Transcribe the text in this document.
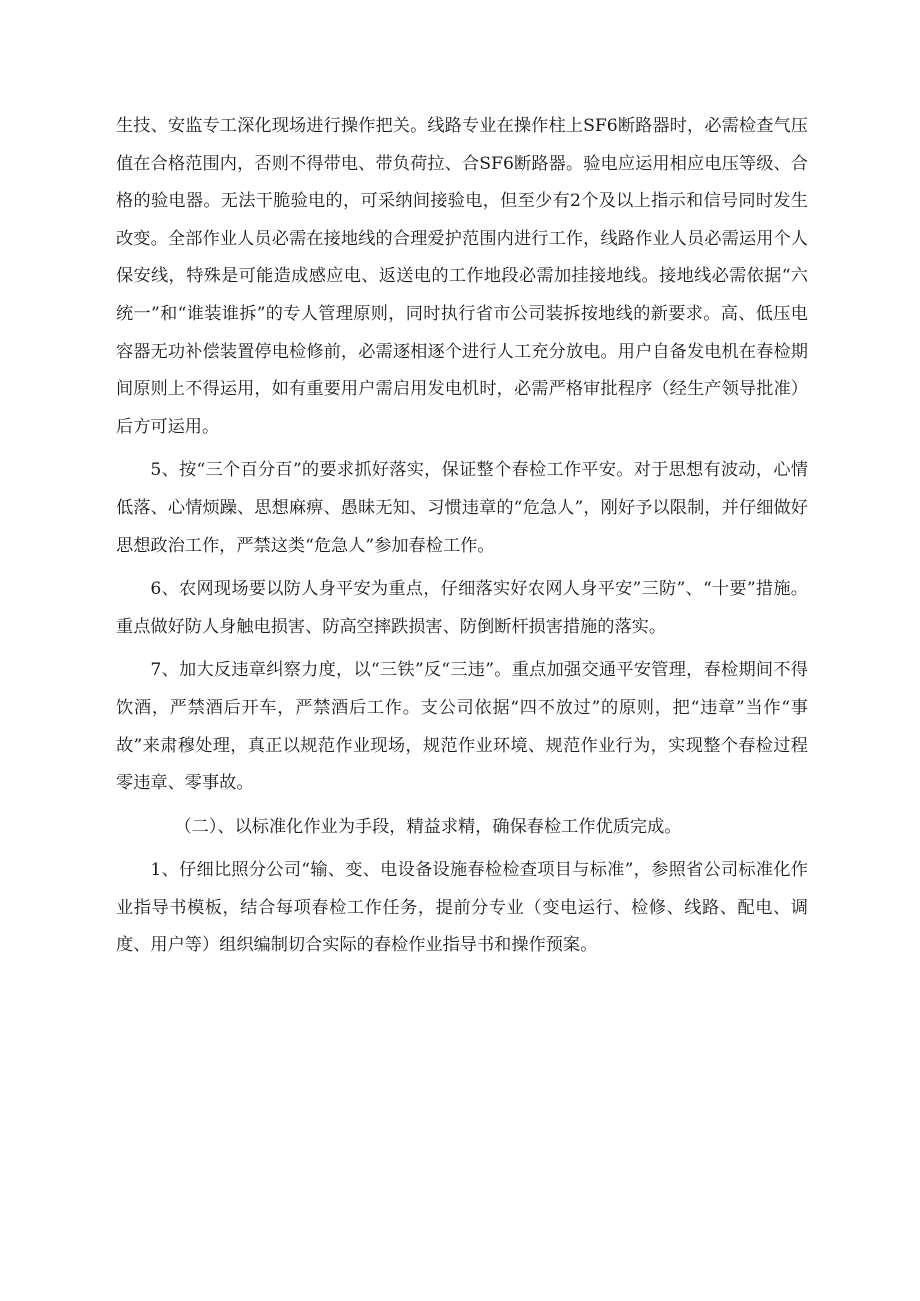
生技、安监专工深化现场进行操作把关。线路专业在操作柱上SF6断路器时，必需检查气压值在合格范围内，否则不得带电、带负荷拉、合SF6断路器。验电应运用相应电压等级、合格的验电器。无法干脆验电的，可采纳间接验电，但至少有2个及以上指示和信号同时发生改变。全部作业人员必需在接地线的合理爱护范围内进行工作，线路作业人员必需运用个人保安线，特殊是可能造成感应电、返送电的工作地段必需加挂接地线。接地线必需依据“六统一”和“谁装谁拆”的专人管理原则，同时执行省市公司装拆按地线的新要求。高、低压电容器无功补偿装置停电检修前，必需逐相逐个进行人工充分放电。用户自备发电机在春检期间原则上不得运用，如有重要用户需启用发电机时，必需严格审批程序（经生产领导批准）后方可运用。

5、按“三个百分百”的要求抓好落实，保证整个春检工作平安。对于思想有波动，心情低落、心情烦躁、思想麻痹、愚昧无知、习惯违章的“危急人”，刚好予以限制，并仔细做好思想政治工作，严禁这类“危急人”参加春检工作。

6、农网现场要以防人身平安为重点，仔细落实好农网人身平安”三防”、“十要”措施。重点做好防人身触电损害、防高空摔跌损害、防倒断杆损害措施的落实。

7、加大反违章纠察力度，以“三铁”反“三违”。重点加强交通平安管理，春检期间不得饮酒，严禁酒后开车，严禁酒后工作。支公司依据“四不放过”的原则，把“违章”当作“事故”来肃穆处理，真正以规范作业现场，规范作业环境、规范作业行为，实现整个春检过程零违章、零事故。

（二）、以标准化作业为手段，精益求精，确保春检工作优质完成。

1、仔细比照分公司“输、变、电设备设施春检检查项目与标准”，参照省公司标准化作业指导书模板，结合每项春检工作任务，提前分专业（变电运行、检修、线路、配电、调度、用户等）组织编制切合实际的春检作业指导书和操作预案。
